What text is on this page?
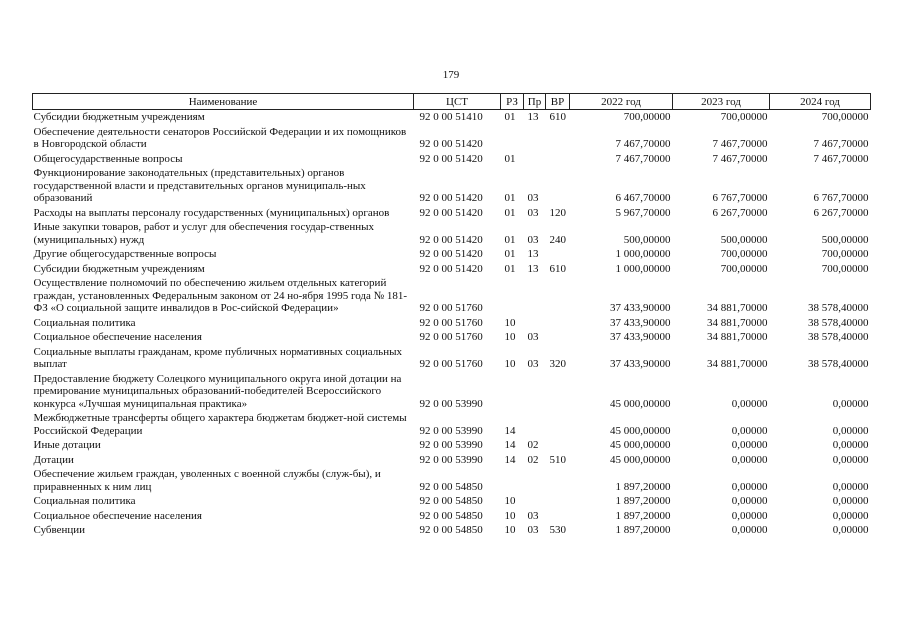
179
Наименование	ЦСТ	РЗ	Пр	ВР	2022 год	2023 год	2024 год
Субсидии бюджетным учреждениям	92 0 00 51410	01	13	610	700,00000	700,00000	700,00000
Обеспечение деятельности сенаторов Российской Федерации и их помощников в Новгородской области	92 0 00 51420				7 467,70000	7 467,70000	7 467,70000
Общегосударственные вопросы	92 0 00 51420	01			7 467,70000	7 467,70000	7 467,70000
Функционирование законодательных (представительных) органов государственной власти и представительных органов муниципаль-ных образований	92 0 00 51420	01	03		6 467,70000	6 767,70000	6 767,70000
Расходы на выплаты персоналу государственных (муниципальных) органов	92 0 00 51420	01	03	120	5 967,70000	6 267,70000	6 267,70000
Иные закупки товаров, работ и услуг для обеспечения государ-ственных (муниципальных) нужд	92 0 00 51420	01	03	240	500,00000	500,00000	500,00000
Другие общегосударственные вопросы	92 0 00 51420	01	13		1 000,00000	700,00000	700,00000
Субсидии бюджетным учреждениям	92 0 00 51420	01	13	610	1 000,00000	700,00000	700,00000
Осуществление полномочий по обеспечению жильем отдельных категорий граждан, установленных Федеральным законом от 24 но-ября 1995 года № 181-ФЗ «О социальной защите инвалидов в Рос-сийской Федерации»	92 0 00 51760				37 433,90000	34 881,70000	38 578,40000
Социальная политика	92 0 00 51760	10			37 433,90000	34 881,70000	38 578,40000
Социальное обеспечение населения	92 0 00 51760	10	03		37 433,90000	34 881,70000	38 578,40000
Социальные выплаты гражданам, кроме публичных нормативных социальных выплат	92 0 00 51760	10	03	320	37 433,90000	34 881,70000	38 578,40000
Предоставление бюджету Солецкого муниципального округа иной дотации на премирование муниципальных образований-победителей Всероссийского конкурса «Лучшая муниципальная практика»	92 0 00 53990				45 000,00000	0,00000	0,00000
Межбюджетные трансферты общего характера бюджетам бюджет-ной системы Российской Федерации	92 0 00 53990	14			45 000,00000	0,00000	0,00000
Иные дотации	92 0 00 53990	14	02		45 000,00000	0,00000	0,00000
Дотации	92 0 00 53990	14	02	510	45 000,00000	0,00000	0,00000
Обеспечение жильем граждан, уволенных с военной службы (служ-бы), и приравненных к ним лиц	92 0 00 54850				1 897,20000	0,00000	0,00000
Социальная политика	92 0 00 54850	10			1 897,20000	0,00000	0,00000
Социальное обеспечение населения	92 0 00 54850	10	03		1 897,20000	0,00000	0,00000
Субвенции	92 0 00 54850	10	03	530	1 897,20000	0,00000	0,00000
